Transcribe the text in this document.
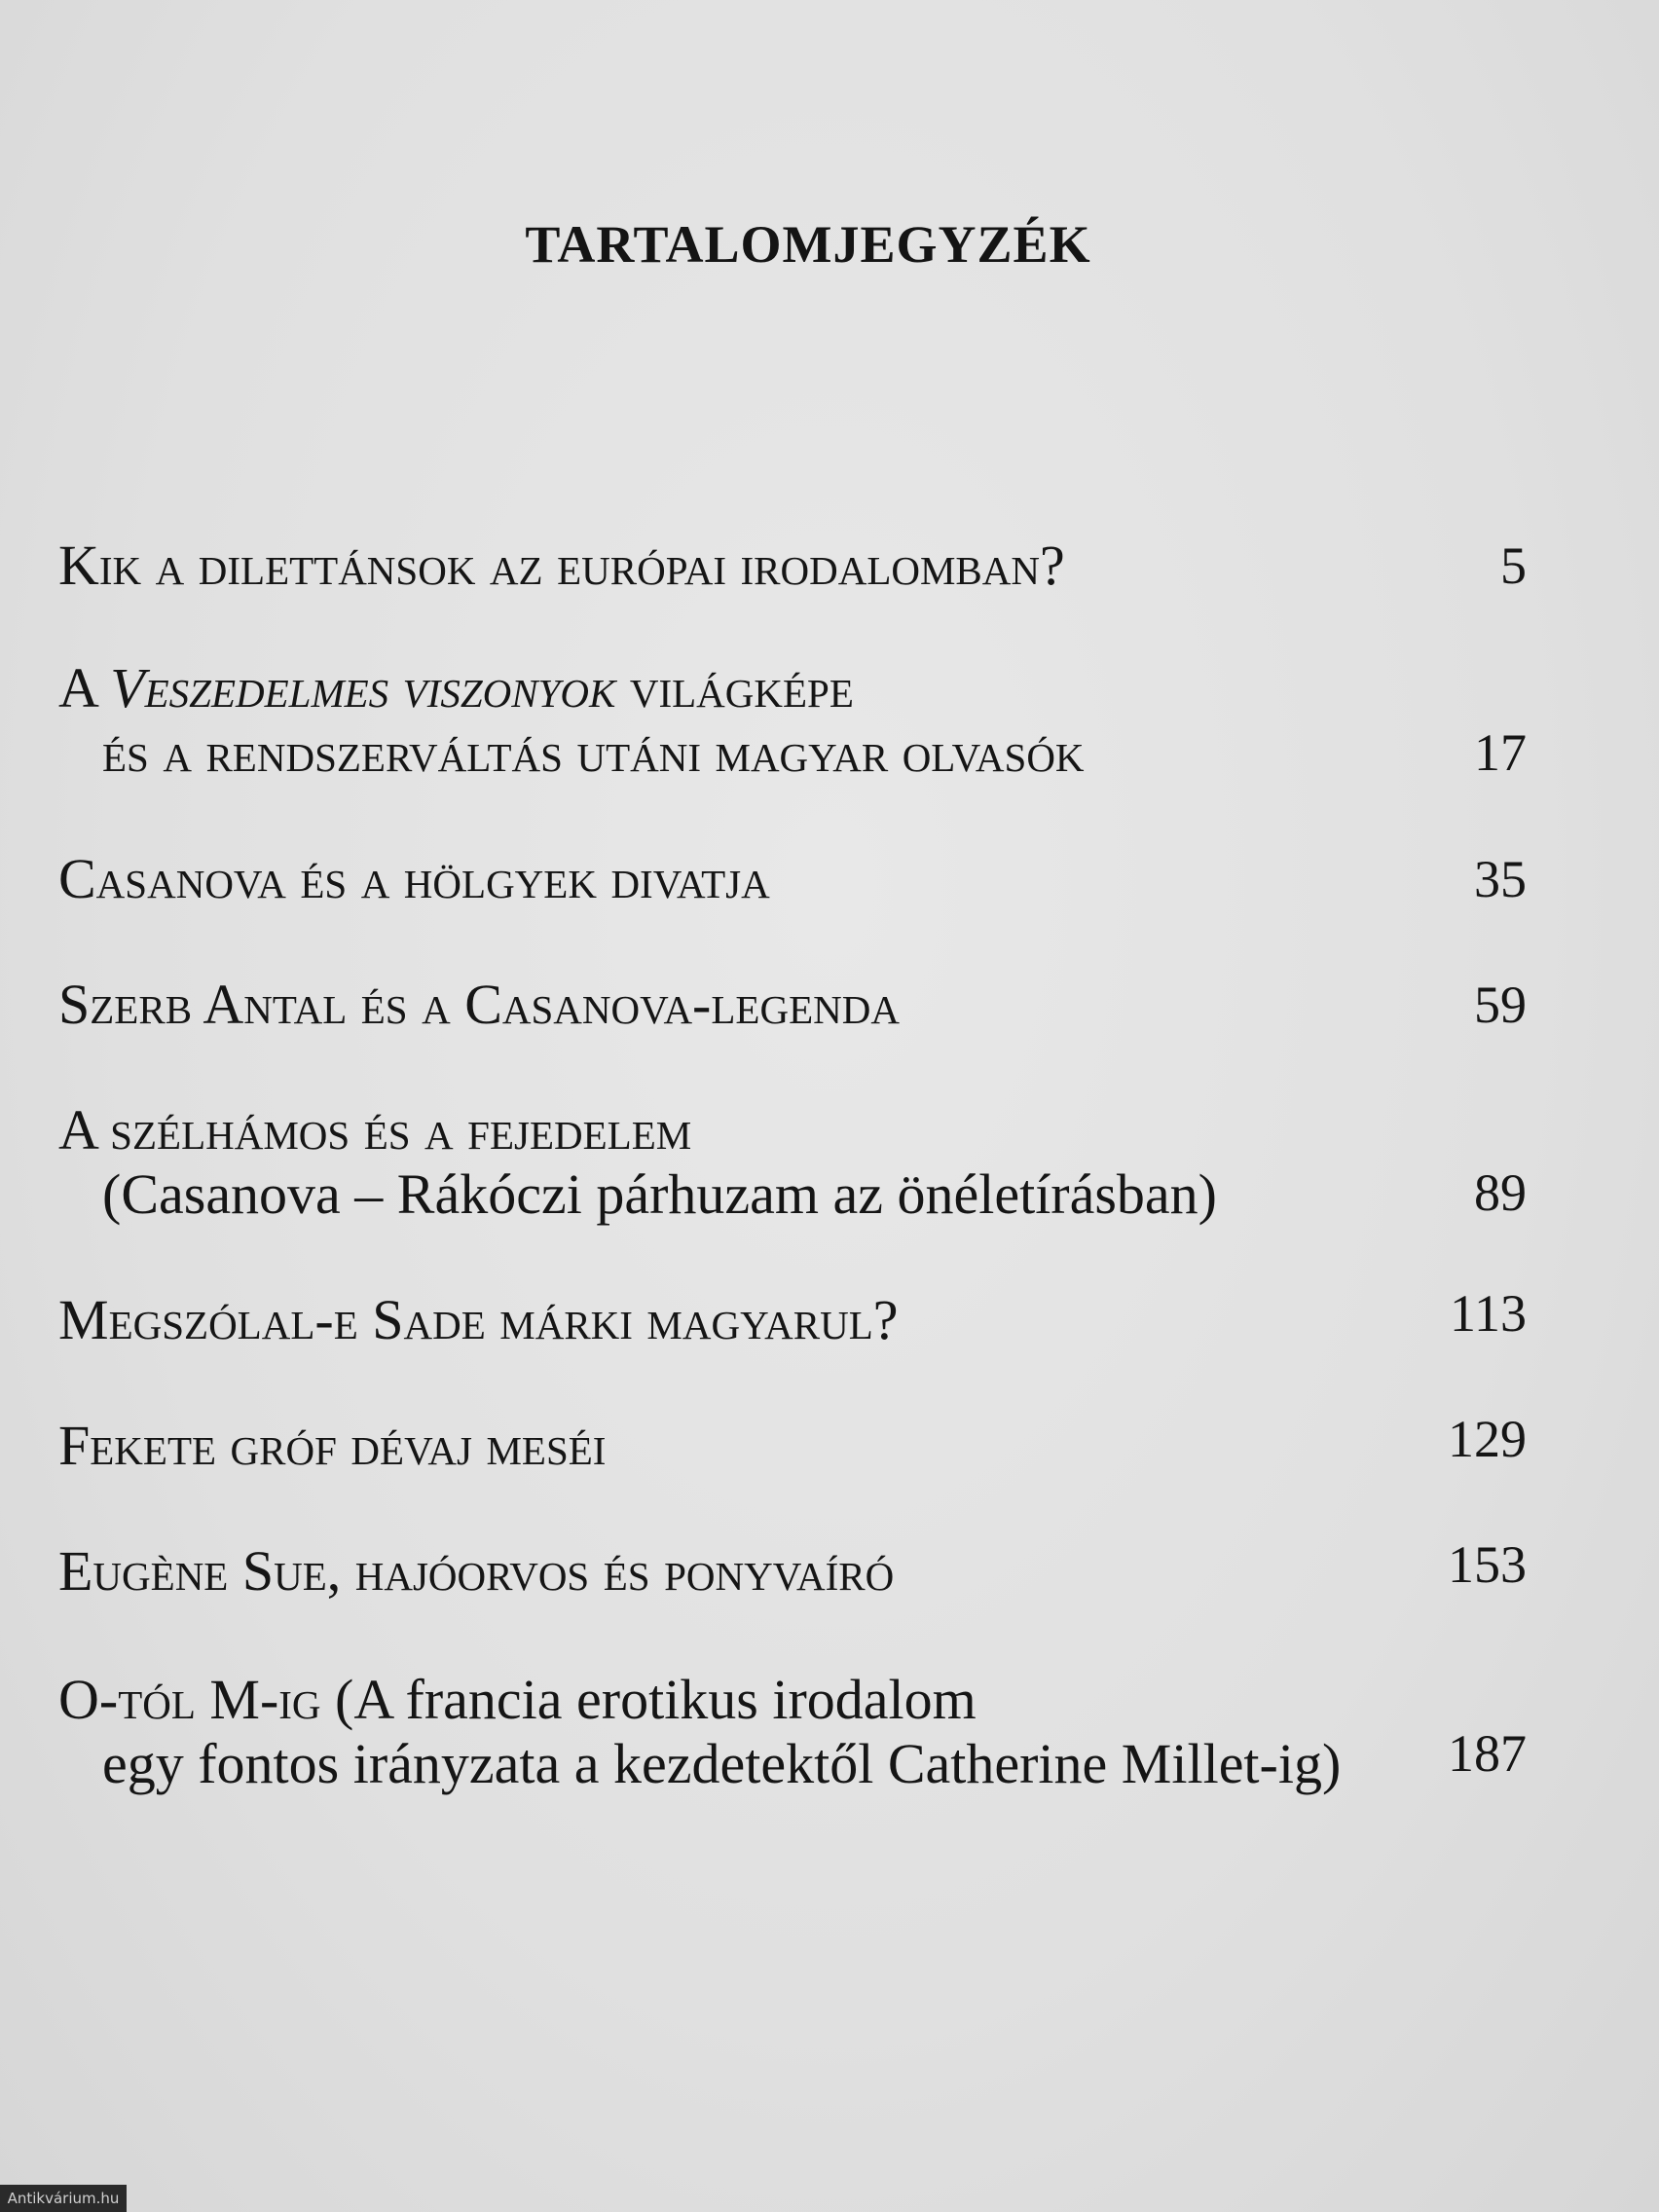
TARTALOMJEGYZÉK
Kik a dilettánsok az európai irodalomban?	5
A Veszedelmes viszonyok világképe
és a rendszerváltás utáni magyar olvasók	17
Casanova és a hölgyek divatja	35
Szerb Antal és a Casanova-legenda	59
A szélhámos és a fejedelem
(Casanova – Rákóczi párhuzam az önéletírásban)	89
Megszólal-e Sade márki magyarul?	113
Fekete gróf dévaj meséi	129
Eugène Sue, hajóorvos és ponyvaíró	153
O-tól M-ig (A francia erotikus irodalom
egy fontos irányzata a kezdetektől Catherine Millet-ig)	187
Antikvárium.hu
